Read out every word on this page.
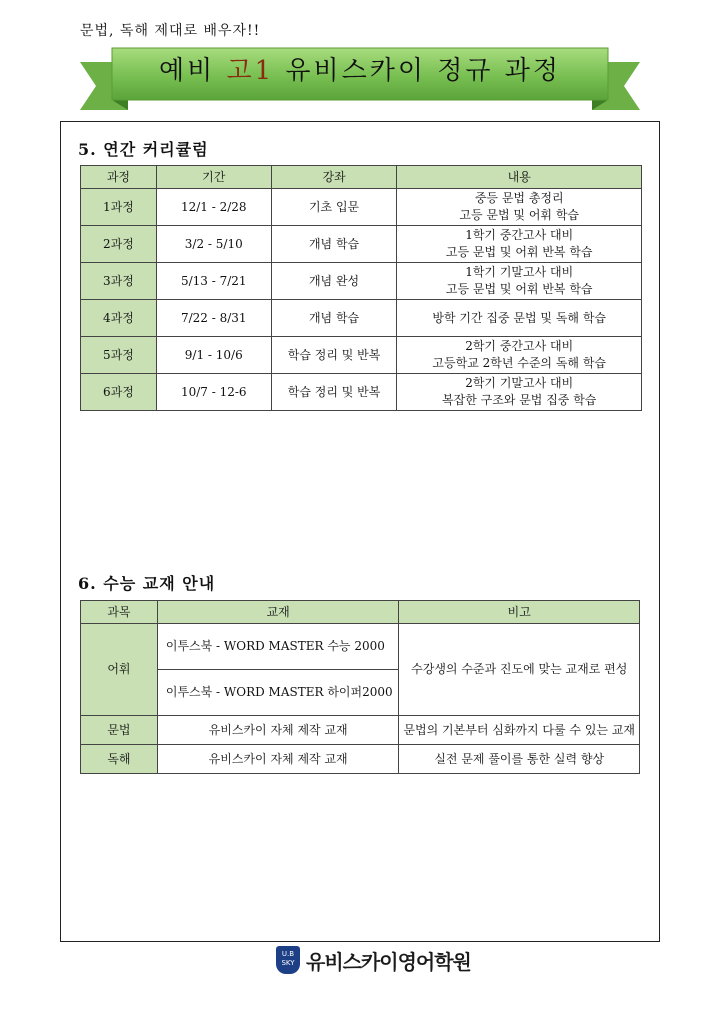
문법, 독해 제대로 배우자!!
예비 고1 유비스카이 정규 과정
5. 연간 커리큘럼
과정	기간	강좌	내용
1과정	12/1 - 2/28	기초 입문	중등 문법 총정리
고등 문법 및 어휘 학습

2과정	3/2 - 5/10	개념 학습	1학기 중간고사 대비
고등 문법 및 어휘 반복 학습

3과정	5/13 - 7/21	개념 완성	1학기 기말고사 대비
고등 문법 및 어휘 반복 학습

4과정	7/22 - 8/31	개념 학습	방학 기간 집중 문법 및 독해 학습

5과정	9/1 - 10/6	학습 정리 및 반복	2학기 중간고사 대비
고등학교 2학년 수준의 독해 학습

6과정	10/7 - 12-6	학습 정리 및 반복	2학기 기말고사 대비
복잡한 구조와 문법 집중 학습
6. 수능 교재 안내
과목	교재	비고
어휘	이투스북 - WORD MASTER 수능 2000	수강생의 수준과 진도에 맞는 교재로 편성
	이투스북 - WORD MASTER 하이퍼2000	
문법	유비스카이 자체 제작 교재	문법의 기본부터 심화까지 다룰 수 있는 교재
독해	유비스카이 자체 제작 교재	실전 문제 풀이를 통한 실력 향상
U.B
SKY 유비스카이영어학원
